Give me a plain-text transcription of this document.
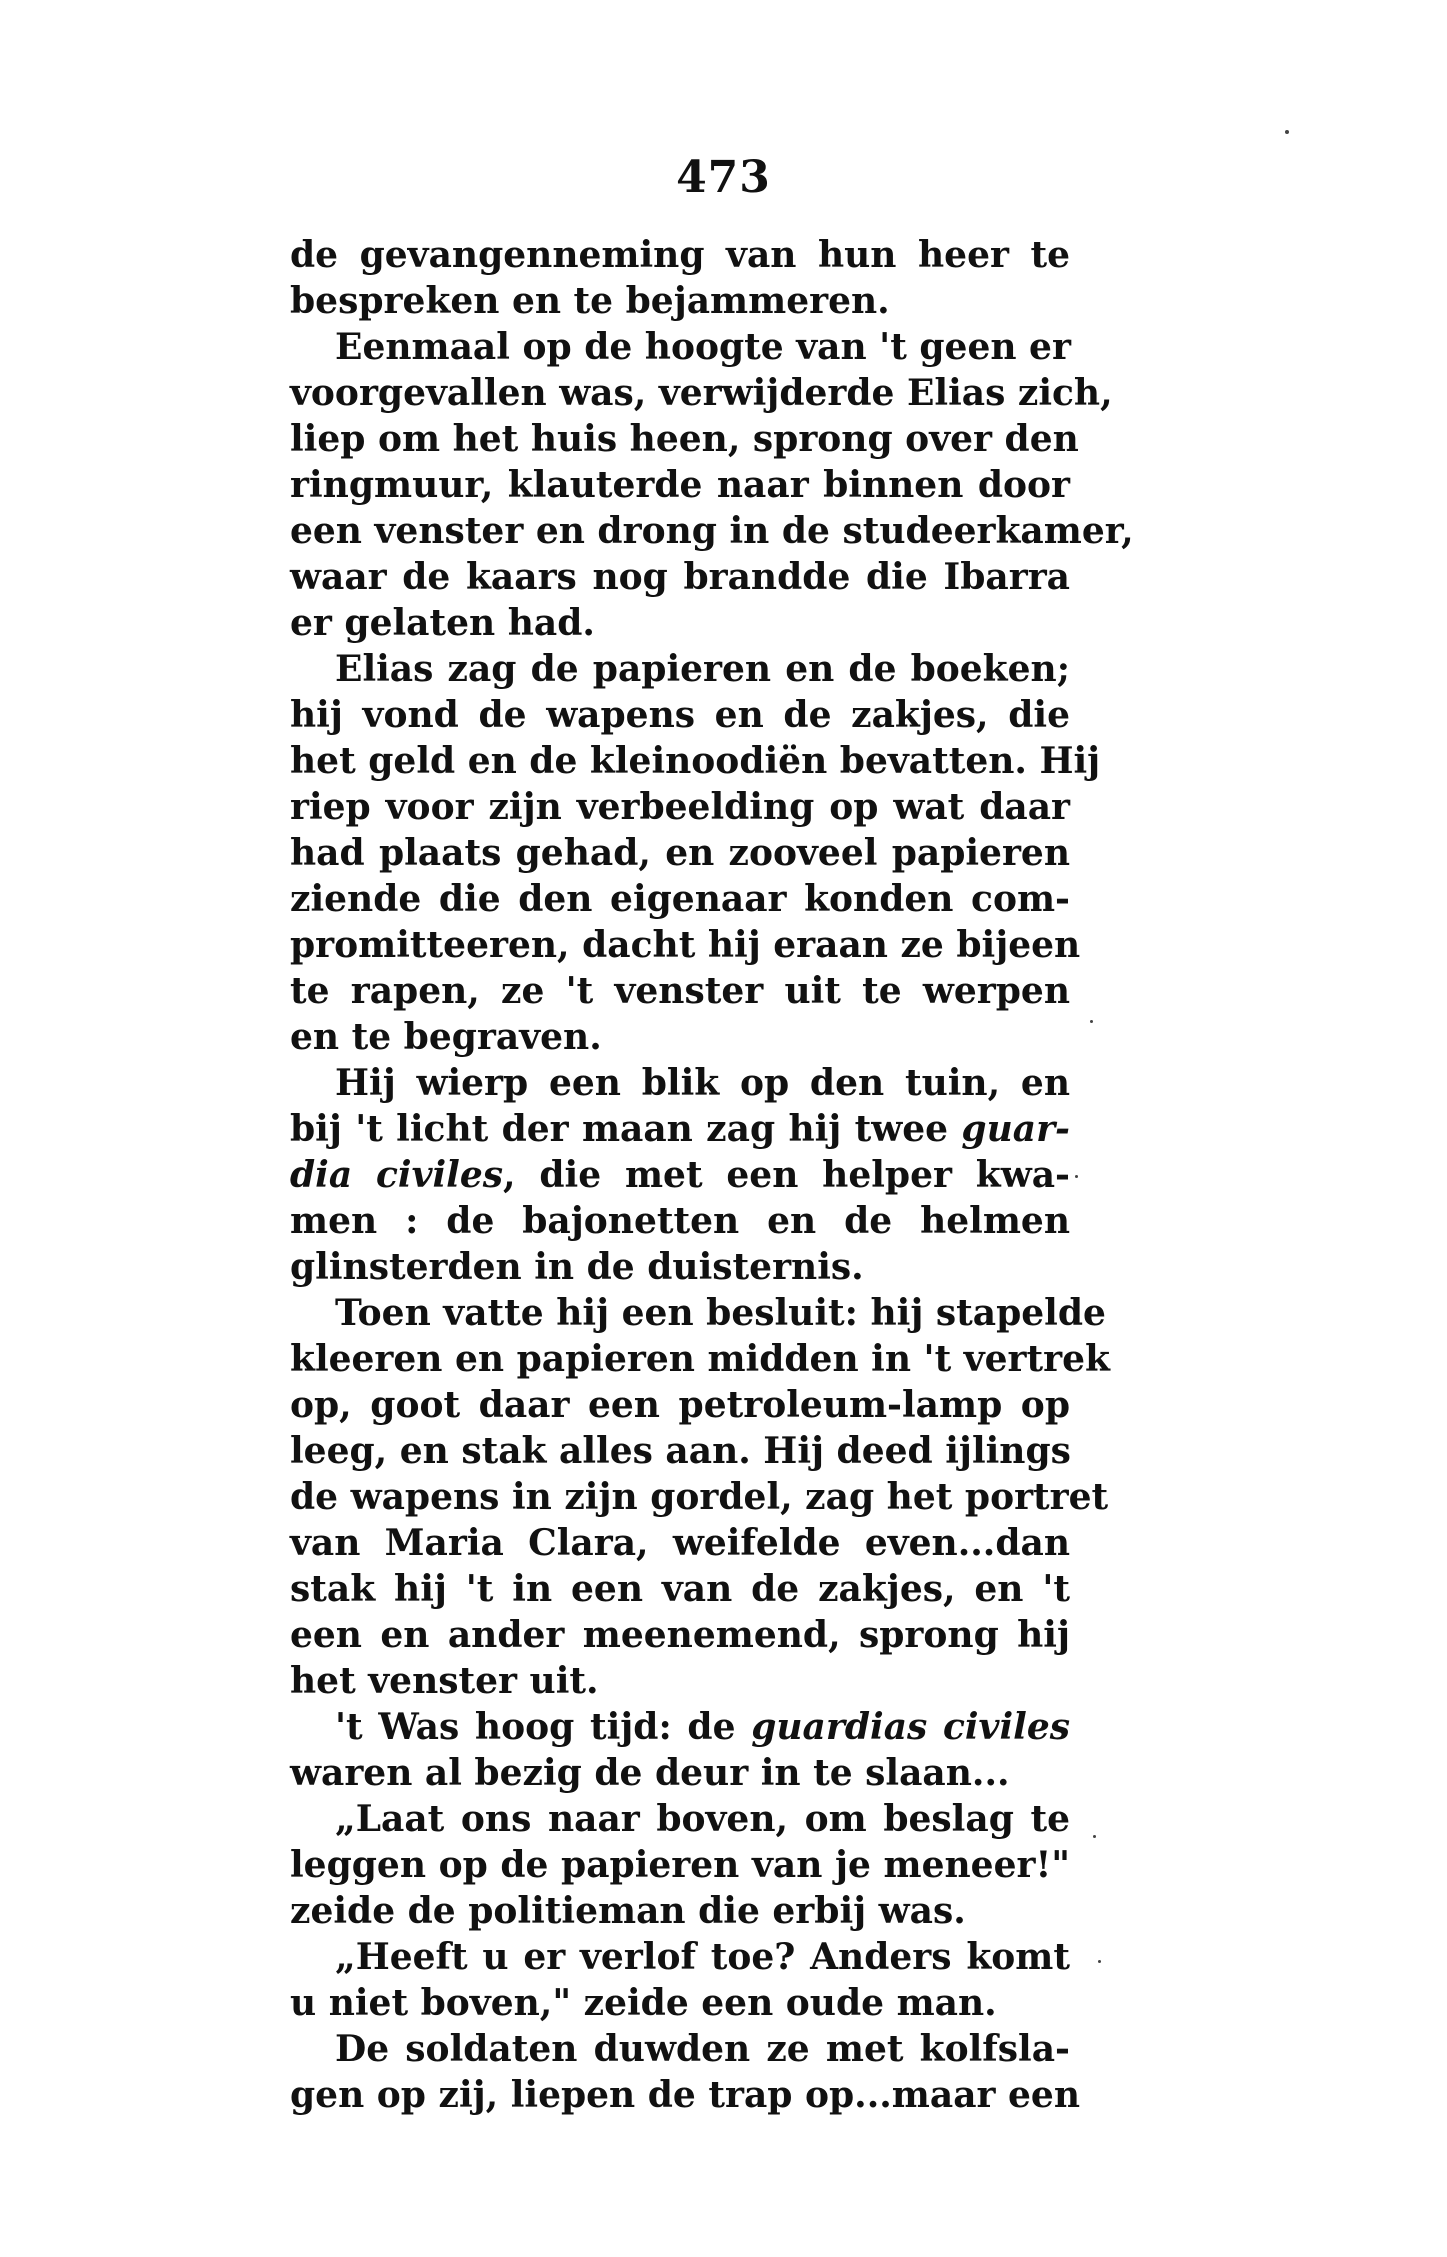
473
de gevangenneming van hun heer te
bespreken en te bejammeren.
Eenmaal op de hoogte van 't geen er
voorgevallen was, verwijderde Elias zich,
liep om het huis heen, sprong over den
ringmuur, klauterde naar binnen door
een venster en drong in de studeerkamer,
waar de kaars nog brandde die Ibarra
er gelaten had.
Elias zag de papieren en de boeken;
hij vond de wapens en de zakjes, die
het geld en de kleinoodiën bevatten. Hij
riep voor zijn verbeelding op wat daar
had plaats gehad, en zooveel papieren
ziende die den eigenaar konden com-
promitteeren, dacht hij eraan ze bijeen
te rapen, ze 't venster uit te werpen
en te begraven.
Hij wierp een blik op den tuin, en
bij 't licht der maan zag hij twee guar-
dia civiles, die met een helper kwa-
men : de bajonetten en de helmen
glinsterden in de duisternis.
Toen vatte hij een besluit: hij stapelde
kleeren en papieren midden in 't vertrek
op, goot daar een petroleum-lamp op
leeg, en stak alles aan. Hij deed ijlings
de wapens in zijn gordel, zag het portret
van Maria Clara, weifelde even...dan
stak hij 't in een van de zakjes, en 't
een en ander meenemend, sprong hij
het venster uit.
't Was hoog tijd: de guardias civiles
waren al bezig de deur in te slaan...
„Laat ons naar boven, om beslag te
leggen op de papieren van je meneer!"
zeide de politieman die erbij was.
„Heeft u er verlof toe? Anders komt
u niet boven," zeide een oude man.
De soldaten duwden ze met kolfsla-
gen op zij, liepen de trap op...maar een
